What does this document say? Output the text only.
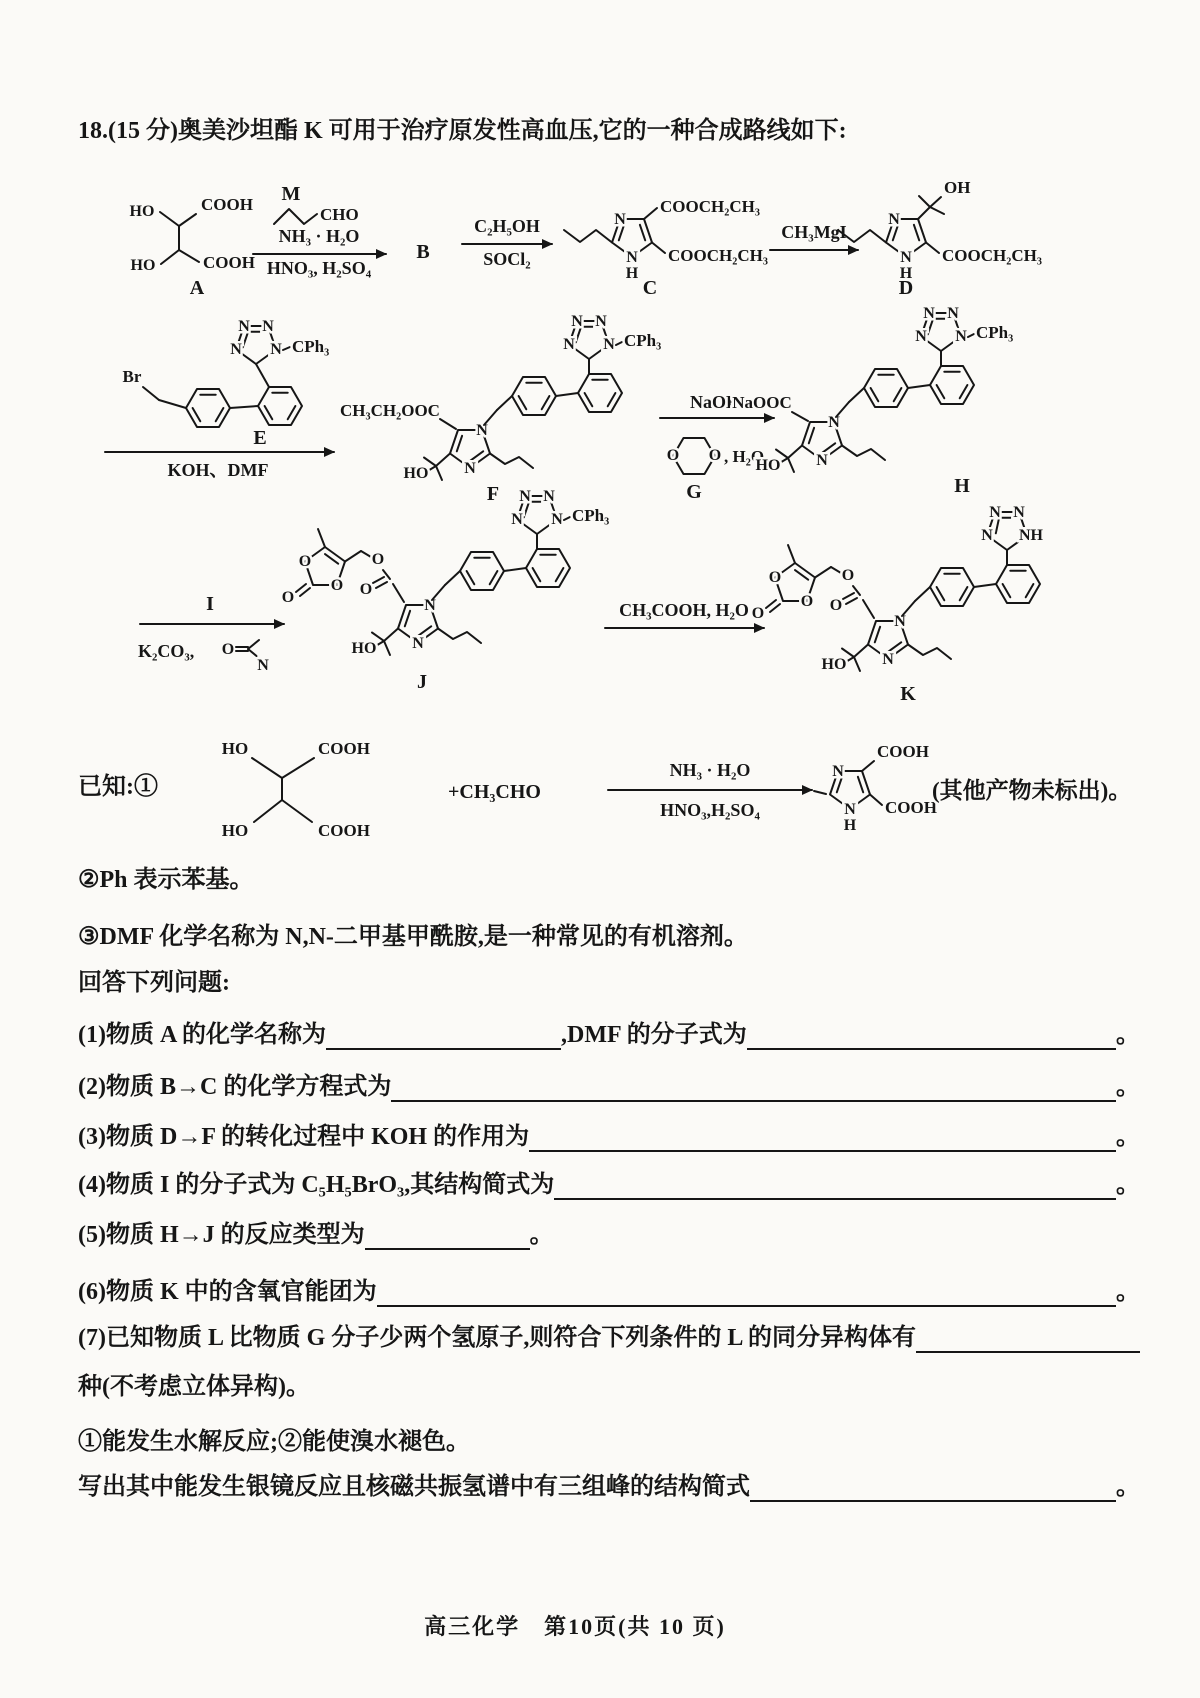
18.(15 分)奥美沙坦酯 K 可用于治疗原发性高血压,它的一种合成路线如下:
HO	COOH
HO	COOH
A
M
CHO
NH₃ · H₂O
HNO₃, H₂SO₄
B
C₂H₅OH
SOCl₂
N
N
H
COOCH₂CH₃
COOCH₂CH₃
C
CH₃MgI
N
N
H
OH
COOCH₂CH₃
D
Br
N N
N N CPh₃
E
KOH、DMF
CH₃CH₂OOC
N
N
N N
N N CPh₃
HO
F
NaOH
O O , H₂O
G
NaOOC
N
N
N N
N N CPh₃
HO
H
I
K₂CO₃, O
N
O
O
O
O
O
N
N
N N
N N CPh₃
HO
J
CH₃COOH, H₂O
O
O
O
O
O
N
N
N N
N NH
HO
K
已知:①
HO	COOH
HO	COOH
+CH₃CHO
NH₃ · H₂O
HNO₃,H₂SO₄
N
N
H
COOH
COOH
(其他产物未标出)。
②Ph 表示苯基。
③DMF 化学名称为 N,N-二甲基甲酰胺,是一种常见的有机溶剂。
回答下列问题:
(1)物质 A 的化学名称为	,DMF 的分子式为	。
(2)物质 B→C 的化学方程式为	。
(3)物质 D→F 的转化过程中 KOH 的作用为	。
(4)物质 I 的分子式为 C₅H₅BrO₃,其结构简式为	。
(5)物质 H→J 的反应类型为	。
(6)物质 K 中的含氧官能团为	。
(7)已知物质 L 比物质 G 分子少两个氢原子,则符合下列条件的 L 的同分异构体有
种(不考虑立体异构)。
①能发生水解反应;②能使溴水褪色。
写出其中能发生银镜反应且核磁共振氢谱中有三组峰的结构简式	。
高三化学　第10页(共 10 页)
